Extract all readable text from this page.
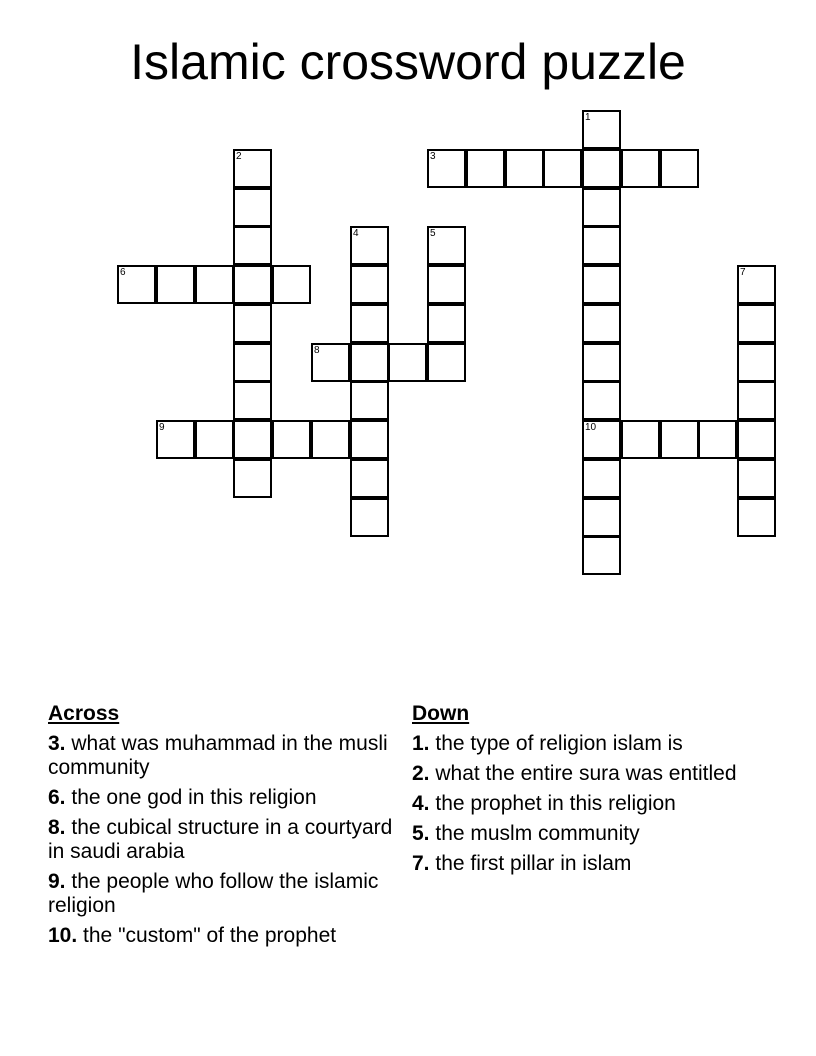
Islamic crossword puzzle
1
3
2
4	5
6	7
8
9	10
Across
3. what was muhammad in the musli community
6. the one god in this religion
8. the cubical structure in a courtyard in saudi arabia
9. the people who follow the islamic religion
10. the "custom" of the prophet
Down
1. the type of religion islam is
2. what the entire sura was entitled
4. the prophet in this religion
5. the muslm community
7. the first pillar in islam
